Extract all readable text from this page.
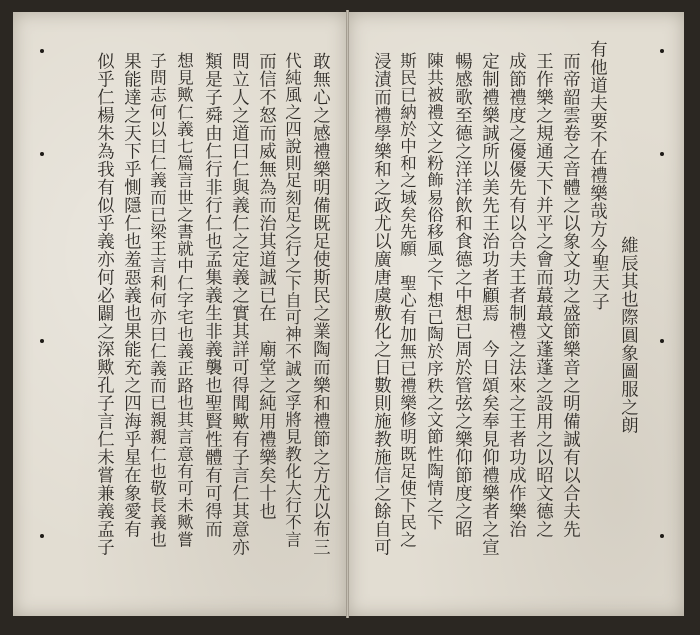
維辰其也際圓象圖服之朗
聖天子
有他道夫要不在禮樂哉方今
而帝韶雲卷之音體之以象文功之盛節樂音之明備誠有以合夫先
王作樂之規通天下并平之會而蕞蕞文蓬蓬之設用之以昭文德之
成節禮度之優優先有以合夫王者制禮之法來之王者功成作樂治
定制禮樂誠所以美先王治功者顧焉　今日頌矣奉見仰禮樂者之宣
暢感歌至德之洋洋飲和食德之中想已周於管弦之樂仰節度之昭
陳共被禮文之粉飾易俗移風之下想已陶於序秩之文節性陶情之下
斯民已納於中和之域矣先願　聖心有加無已禮樂修明既足使下民之
浸漬而禮學樂和之政尤以廣唐虞敷化之日數則施教施信之餘自可
敢無心之感禮樂明備既足使斯民之業陶而樂和禮節之方尤以布三
代純風之四說則足刻足之行之下自可神不誠之孚將見教化大行不言
而信不怒而威無為而治其道誠已在　廟堂之純用禮樂矣十也
問立人之道曰仁與義仁之定義之實其詳可得聞歟有子言仁其意亦
類是子舜由仁行非行仁也孟集義生非義襲也聖賢性體有可得而
想見歟仁義七篇言世之書就中仁字宅也義正路也其言意有可未歟嘗
子問志何以曰仁義而已梁王言利何亦曰仁義而已親親仁也敬長義也
果能達之天下乎惻隱仁也羞惡義也果能充之四海乎星在象愛有
似乎仁楊朱為我有似乎義亦何必闢之深歟孔子言仁未嘗兼義孟子
